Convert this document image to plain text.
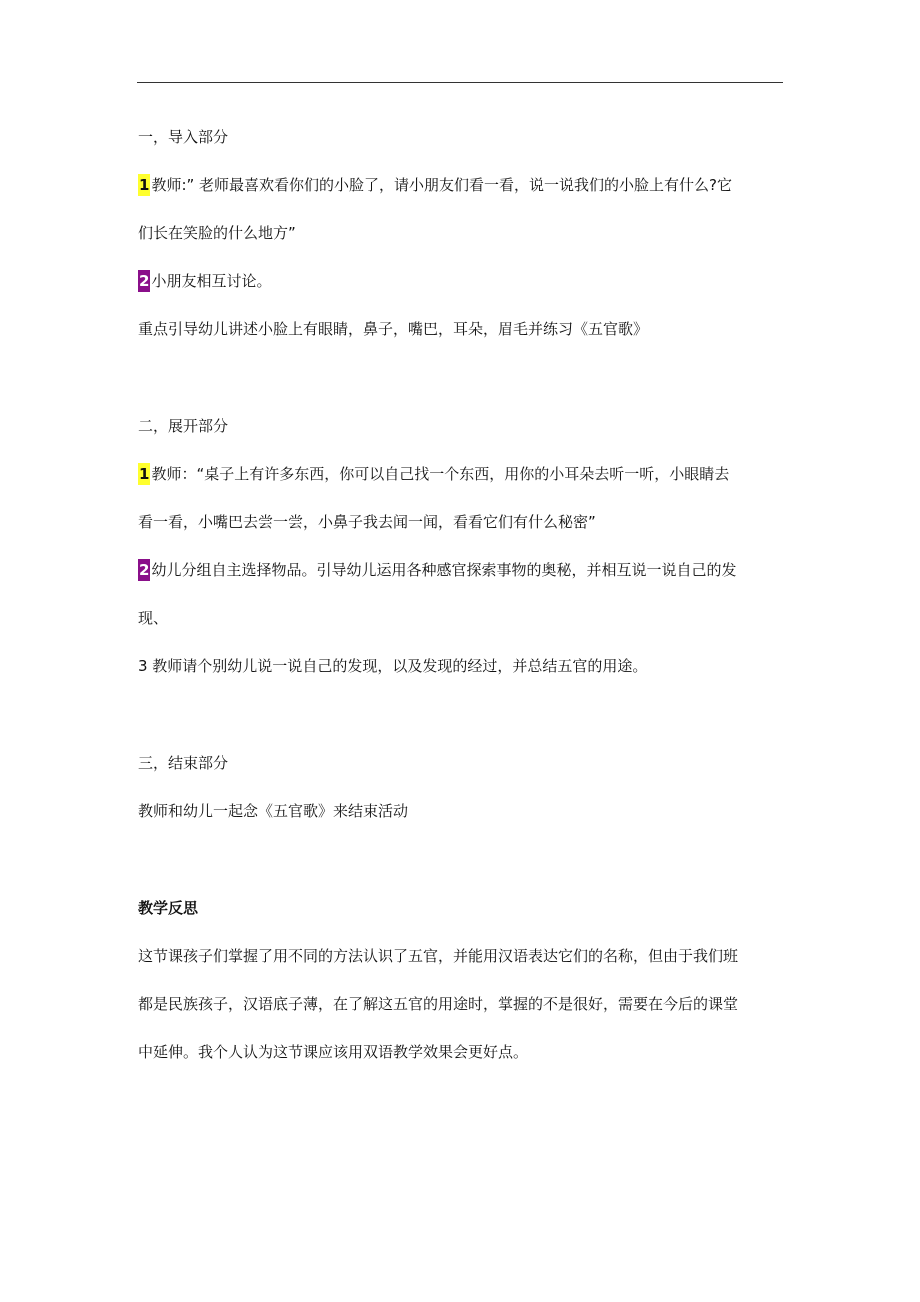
一，导入部分
1 教师:” 老师最喜欢看你们的小脸了，请小朋友们看一看，说一说我们的小脸上有什么?它
们长在笑脸的什么地方”
2 小朋友相互讨论。
重点引导幼儿讲述小脸上有眼睛，鼻子，嘴巴，耳朵，眉毛并练习《五官歌》
二，展开部分
1 教师：“桌子上有许多东西，你可以自己找一个东西，用你的小耳朵去听一听，小眼睛去
看一看，小嘴巴去尝一尝，小鼻子我去闻一闻，看看它们有什么秘密”
2 幼儿分组自主选择物品。引导幼儿运用各种感官探索事物的奥秘，并相互说一说自己的发
现、
3 教师请个别幼儿说一说自己的发现，以及发现的经过，并总结五官的用途。
三，结束部分
教师和幼儿一起念《五官歌》来结束活动
教学反思
这节课孩子们掌握了用不同的方法认识了五官，并能用汉语表达它们的名称，但由于我们班
都是民族孩子，汉语底子薄，在了解这五官的用途时，掌握的不是很好，需要在今后的课堂
中延伸。我个人认为这节课应该用双语教学效果会更好点。
